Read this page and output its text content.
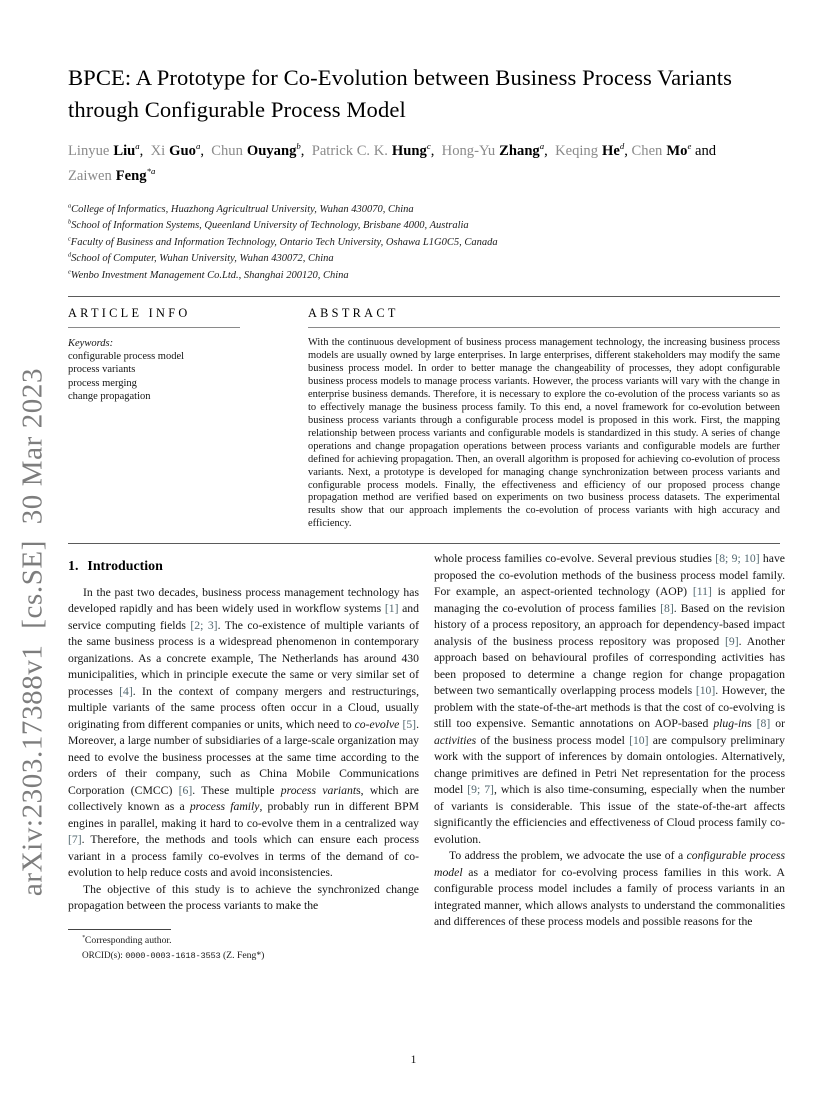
arXiv:2303.17388v1  [cs.SE]  30 Mar 2023
BPCE: A Prototype for Co-Evolution between Business Process Variants through Configurable Process Model
Linyue Liu$^a$,  Xi Guo$^a$,  Chun Ouyang$^b$,  Patrick C. K. Hung$^c$,  Hong-Yu Zhang$^a$,  Keqing He$^d$, Chen Mo$^e$ and Zaiwen Feng$^{*a}$
$^a$College of Informatics, Huazhong Agricultrual University, Wuhan 430070, China
$^b$School of Information Systems, Queenland University of Technology, Brisbane 4000, Australia
$^c$Faculty of Business and Information Technology, Ontario Tech University, Oshawa L1G0C5, Canada
$^d$School of Computer, Wuhan University, Wuhan 430072, China
$^e$Wenbo Investment Management Co.Ltd., Shanghai 200120, China
ARTICLE INFO
Keywords:
configurable process model
process variants
process merging
change propagation
ABSTRACT
With the continuous development of business process management technology, the increasing business process models are usually owned by large enterprises. In large enterprises, different stakeholders may modify the same business process model. In order to better manage the changeability of processes, they adopt configurable business process models to manage process variants. However, the process variants will vary with the change in enterprise business demands. Therefore, it is necessary to explore the co-evolution of the process variants so as to effectively manage the business process family. To this end, a novel framework for co-evolution between business process variants through a configurable process model is proposed in this work. First, the mapping relationship between process variants and configurable models is standardized in this study. A series of change operations and change propagation operations between process variants and configurable models are further defined for achieving propagation. Then, an overall algorithm is proposed for achieving co-evolution of process variants. Next, a prototype is developed for managing change synchronization between process variants and configurable process models. Finally, the effectiveness and efficiency of our proposed process change propagation method are verified based on experiments on two business process datasets. The experimental results show that our approach implements the co-evolution of process variants with high accuracy and efficiency.
1. Introduction

In the past two decades, business process management technology has developed rapidly and has been widely used in workflow systems [1] and service computing fields [2; 3]. The co-existence of multiple variants of the same business process is a widespread phenomenon in contemporary organizations. As a concrete example, The Netherlands has around 430 municipalities, which in principle execute the same or very similar set of processes [4]. In the context of company mergers and restructurings, multiple variants of the same process often occur in a Cloud, usually originating from different companies or units, which need to co-evolve [5]. Moreover, a large number of subsidiaries of a large-scale organization may need to evolve the business processes at the same time according to the orders of their company, such as China Mobile Communications Corporation (CMCC) [6]. These multiple process variants, which are collectively known as a process family, probably run in different BPM engines in parallel, making it hard to co-evolve them in a centralized way [7]. Therefore, the methods and tools which can ensure each process variant in a process family co-evolves in terms of the demand of co-evolution to help reduce costs and avoid inconsistencies.

The objective of this study is to achieve the synchronized change propagation between the process variants to make the

*Corresponding author.
ORCID(s): 0000-0003-1618-3553 (Z. Feng*)

whole process families co-evolve. Several previous studies [8; 9; 10] have proposed the co-evolution methods of the business process model family. For example, an aspect-oriented technology (AOP) [11] is applied for managing the co-evolution of process families [8]. Based on the revision history of a process repository, an approach for dependency-based impact analysis of the business process repository was proposed [9]. Another approach based on behavioural profiles of corresponding activities has been proposed to determine a change region for change propagation between two semantically overlapping process models [10]. However, the problem with the state-of-the-art methods is that the cost of co-evolving is still too expensive. Semantic annotations on AOP-based plug-ins [8] or activities of the business process model [10] are compulsory preliminary work with the support of inferences by domain ontologies. Alternatively, change primitives are defined in Petri Net representation for the process model [9; 7], which is also time-consuming, especially when the number of variants is considerable. This issue of the state-of-the-art affects significantly the efficiencies and effectiveness of Cloud process family co-evolution.

To address the problem, we advocate the use of a configurable process model as a mediator for co-evolving process families in this work. A configurable process model includes a family of process variants in an integrated manner, which allows analysts to understand the commonalities and differences of these process models and possible reasons for the

1
